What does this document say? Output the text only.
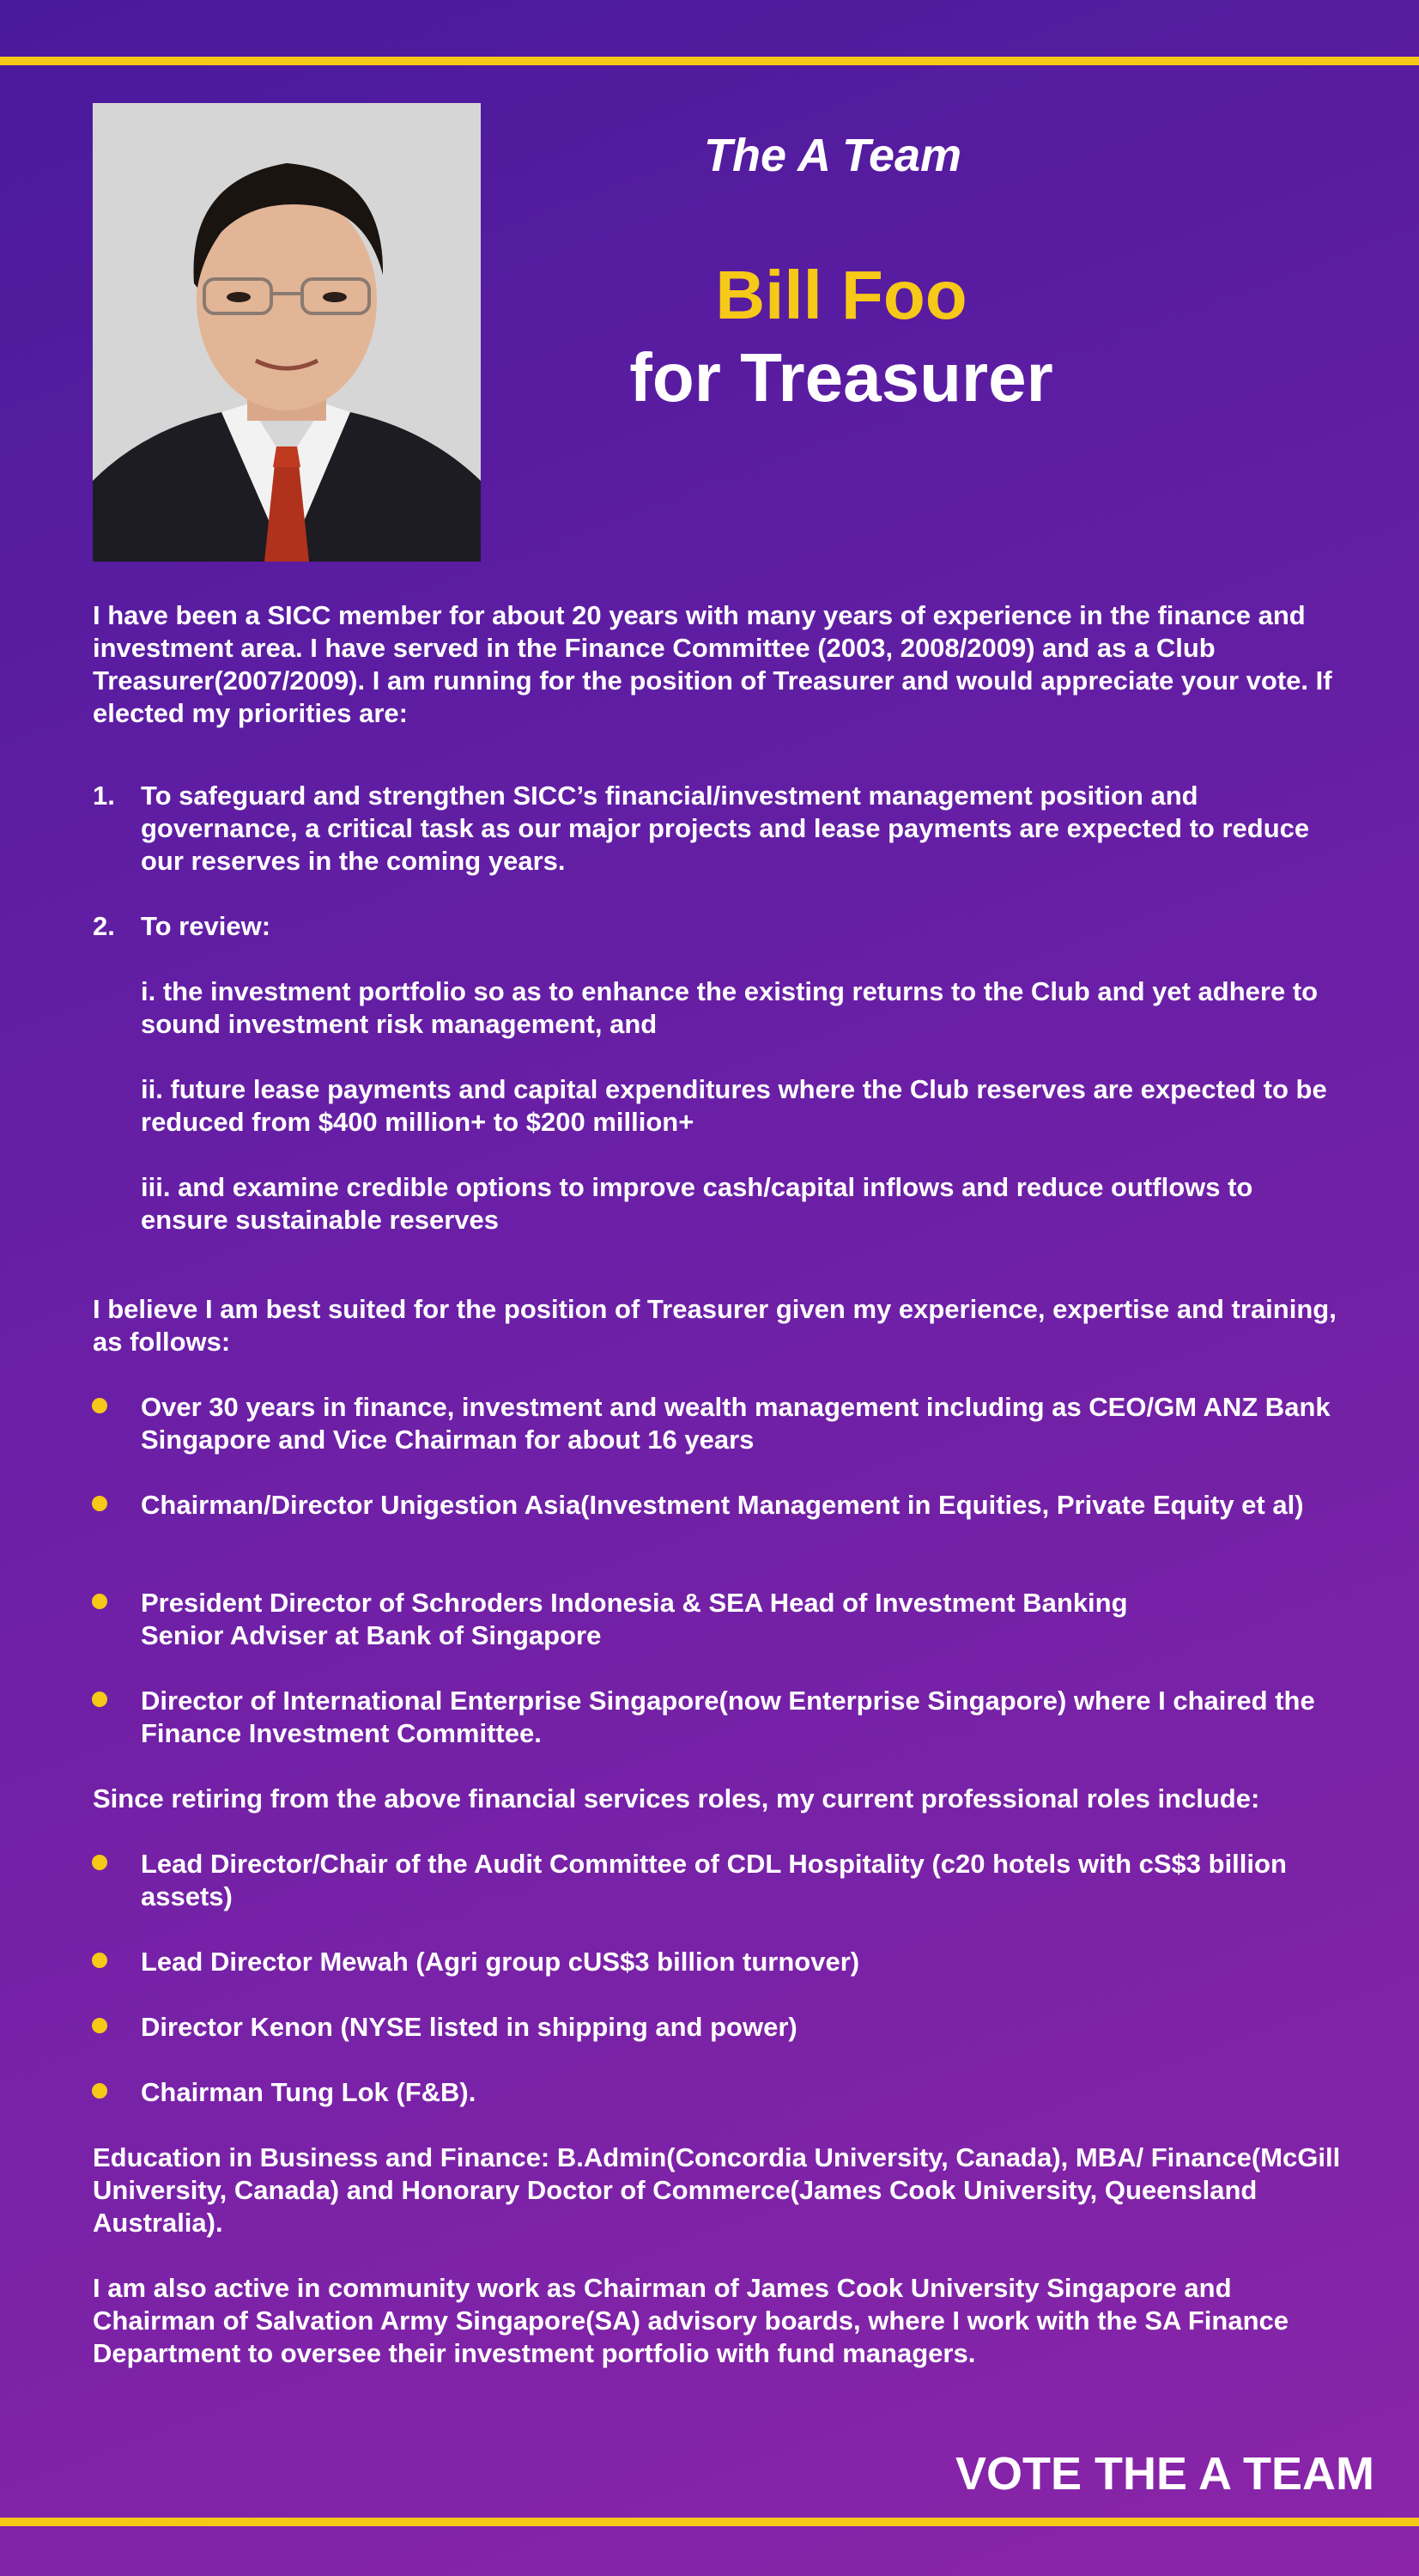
The A Team
Bill Foo
for Treasurer
I have been a SICC member for about 20 years with many years of experience in the finance and investment area. I have served in the Finance Committee (2003, 2008/2009) and as a Club Treasurer(2007/2009). I am running for the position of Treasurer and would appreciate your vote. If elected my priorities are:
1. To safeguard and strengthen SICC’s financial/investment management position and governance, a critical task as our major projects and lease payments are expected to reduce our reserves in the coming years.
2. To review:
i. the investment portfolio so as to enhance the existing returns to the Club and yet adhere to sound investment risk management, and
ii. future lease payments and capital expenditures where the Club reserves are expected to be reduced from $400 million+ to $200 million+
iii. and examine credible options to improve cash/capital inflows and reduce outflows to ensure sustainable reserves
I believe I am best suited for the position of Treasurer given my experience, expertise and training, as follows:
Over 30 years in finance, investment and wealth management including as CEO/GM ANZ Bank Singapore and Vice Chairman for about 16 years
Chairman/Director Unigestion Asia(Investment Management in Equities, Private Equity et al)
President Director of Schroders Indonesia & SEA Head of Investment Banking
Senior Adviser at Bank of Singapore
Director of International Enterprise Singapore(now Enterprise Singapore) where I chaired the Finance Investment Committee.
Since retiring from the above financial services roles, my current professional roles include:
Lead Director/Chair of the Audit Committee of CDL Hospitality (c20 hotels with cS$3 billion assets)
Lead Director Mewah (Agri group cUS$3 billion turnover)
Director Kenon (NYSE listed in shipping and power)
Chairman Tung Lok (F&B).
Education in Business and Finance: B.Admin(Concordia University, Canada), MBA/ Finance(McGill University, Canada) and Honorary Doctor of Commerce(James Cook University, Queensland Australia).
I am also active in community work as Chairman of James Cook University Singapore and Chairman of Salvation Army Singapore(SA) advisory boards, where I work with the SA Finance Department to oversee their investment portfolio with fund managers.
VOTE THE A TEAM
